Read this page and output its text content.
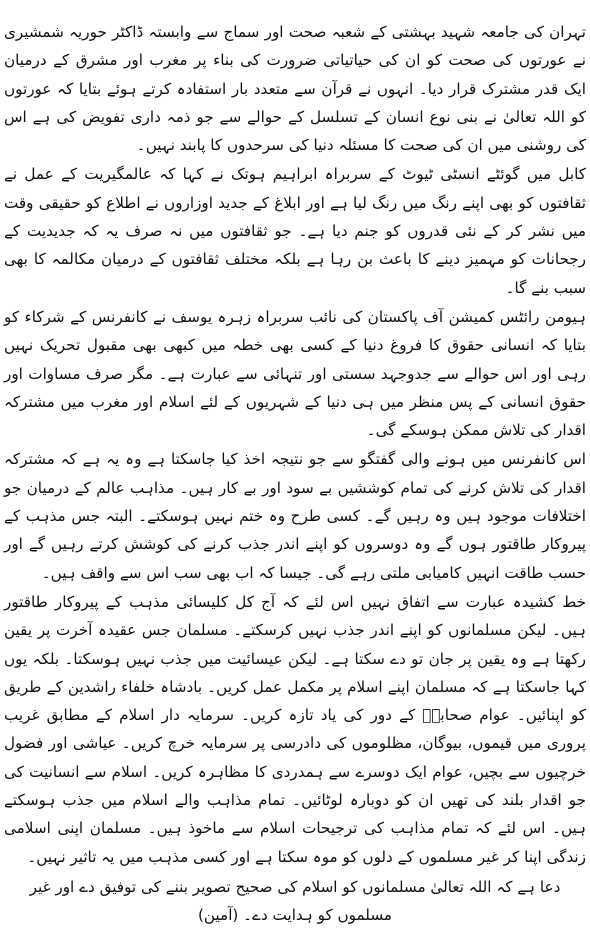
تہران کی جامعہ شہید بہشتی کے شعبہ صحت اور سماج سے وابستہ ڈاکٹر حوریہ شمشیری نے عورتوں کی صحت کو ان کی حیاتیاتی ضرورت کی بناء پر مغرب اور مشرق کے درمیان ایک قدر مشترک قرار دیا۔ انہوں نے قرآن سے متعدد بار استفادہ کرتے ہوئے بتایا کہ عورتوں کو اللہ تعالیٰ نے بنی نوع انسان کے تسلسل کے حوالے سے جو ذمہ داری تفویض کی ہے اس کی روشنی میں ان کی صحت کا مسئلہ دنیا کی سرحدوں کا پابند نہیں۔

کابل میں گوئٹے انسٹی ٹیوٹ کے سربراہ ابراہیم ہوتک نے کہا کہ عالمگیریت کے عمل نے ثقافتوں کو بھی اپنے رنگ میں رنگ لیا ہے اور ابلاغ کے جدید اوزاروں نے اطلاع کو حقیقی وقت میں نشر کر کے نئی قدروں کو جنم دیا ہے۔ جو ثقافتوں میں نہ صرف یہ کہ جدیدیت کے رجحانات کو مہمیز دینے کا باعث بن رہا ہے بلکہ مختلف ثقافتوں کے درمیان مکالمہ کا بھی سبب بنے گا۔

ہیومن رائٹس کمیشن آف پاکستان کی نائب سربراہ زہرہ یوسف نے کانفرنس کے شرکاء کو بتایا کہ انسانی حقوق کا فروغ دنیا کے کسی بھی خطہ میں کبھی بھی مقبول تحریک نہیں رہی اور اس حوالے سے جدوجہد سستی اور تنہائی سے عبارت ہے۔ مگر صرف مساوات اور حقوق انسانی کے پس منظر میں ہی دنیا کے شہریوں کے لئے اسلام اور مغرب میں مشترکہ اقدار کی تلاش ممکن ہوسکے گی۔

اس کانفرنس میں ہونے والی گفتگو سے جو نتیجہ اخذ کیا جاسکتا ہے وہ یہ ہے کہ مشترکہ اقدار کی تلاش کرنے کی تمام کوششیں بے سود اور بے کار ہیں۔ مذاہب عالم کے درمیان جو اختلافات موجود ہیں وہ رہیں گے۔ کسی طرح وہ ختم نہیں ہوسکتے۔ البتہ جس مذہب کے پیروکار طاقتور ہوں گے وہ دوسروں کو اپنے اندر جذب کرنے کی کوشش کرتے رہیں گے اور حسب طاقت انہیں کامیابی ملتی رہے گی۔ جیسا کہ اب بھی سب اس سے واقف ہیں۔

خط کشیدہ عبارت سے اتفاق نہیں اس لئے کہ آج کل کلیسائی مذہب کے پیروکار طاقتور ہیں۔ لیکن مسلمانوں کو اپنے اندر جذب نہیں کرسکتے۔ مسلمان جس عقیدہ آخرت پر یقین رکھتا ہے وہ یقین پر جان تو دے سکتا ہے۔ لیکن عیسائیت میں جذب نہیں ہوسکتا۔ بلکہ یوں کہا جاسکتا ہے کہ مسلمان اپنے اسلام پر مکمل عمل کریں۔ بادشاہ خلفاء راشدین کے طریق کو اپنائیں۔ عوام صحابہؓ کے دور کی یاد تازہ کریں۔ سرمایہ دار اسلام کے مطابق غریب پروری میں قیموں، بیوگان، مظلوموں کی دادرسی پر سرمایہ خرچ کریں۔ عیاشی اور فضول خرچیوں سے بچیں، عوام ایک دوسرے سے ہمدردی کا مظاہرہ کریں۔ اسلام سے انسانیت کی جو اقدار بلند کی تھیں ان کو دوبارہ لوٹائیں۔ تمام مذاہب والے اسلام میں جذب ہوسکتے ہیں۔ اس لئے کہ تمام مذاہب کی ترجیحات اسلام سے ماخوذ ہیں۔ مسلمان اپنی اسلامی زندگی اپنا کر غیر مسلموں کے دلوں کو موہ سکتا ہے اور کسی مذہب میں یہ تاثیر نہیں۔

دعا ہے کہ اللہ تعالیٰ مسلمانوں کو اسلام کی صحیح تصویر بننے کی توفیق دے اور غیر مسلموں کو ہدایت دے۔ (آمین)
